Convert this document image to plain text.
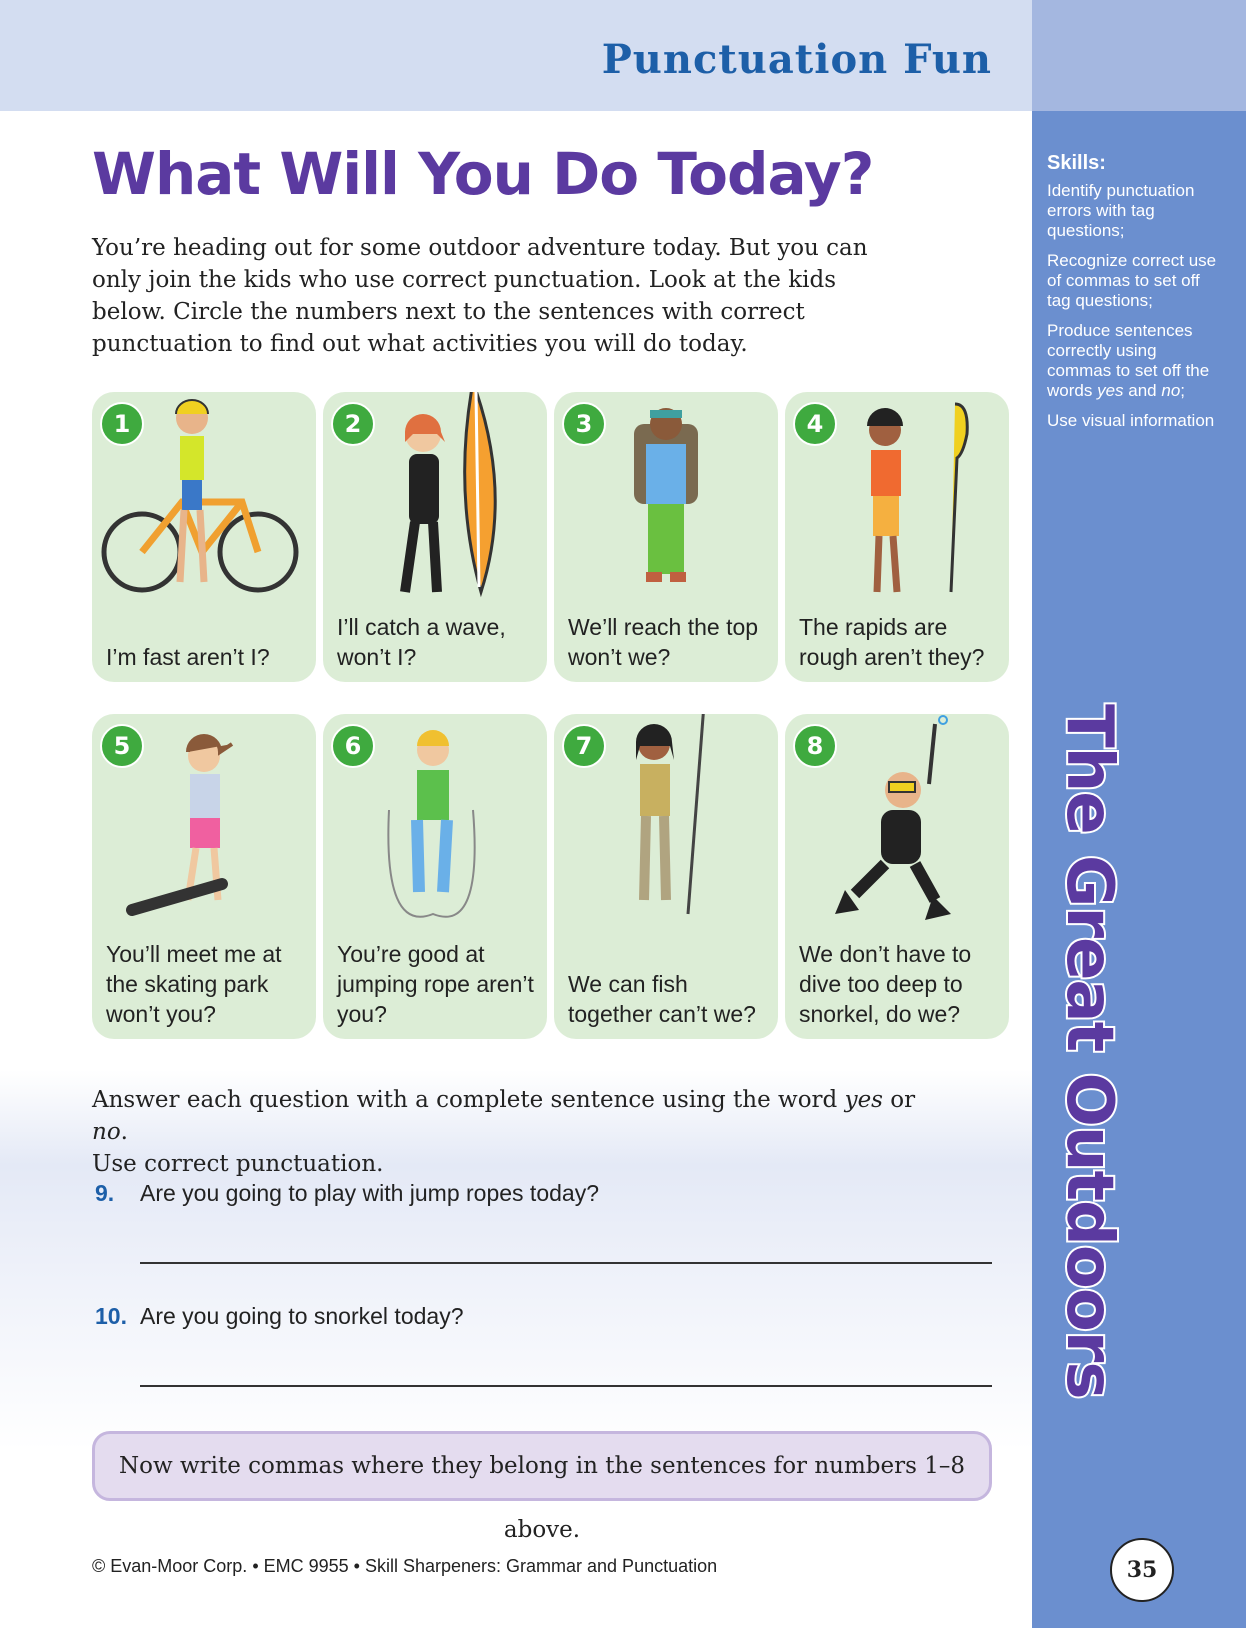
Punctuation Fun
Skills:
Identify punctuation errors with tag questions;
Recognize correct use of commas to set off tag questions;
Produce sentences correctly using commas to set off the words yes and no;
Use visual information
The Great Outdoors
35
What Will You Do Today?
You’re heading out for some outdoor adventure today. But you can only join the kids who use correct punctuation. Look at the kids below. Circle the numbers next to the sentences with correct punctuation to find out what activities you will do today.
1
I’m fast aren’t I?
2
I’ll catch a wave, won’t I?
3
We’ll reach the top won’t we?
4
The rapids are rough aren’t they?
5
You’ll meet me at the skating park won’t you?
6
You’re good at jumping rope aren’t you?
7
We can fish together can’t we?
8
We don’t have to dive too deep to snorkel, do we?
Answer each question with a complete sentence using the word yes or no.
Use correct punctuation.
9. Are you going to play with jump ropes today?
10. Are you going to snorkel today?
Now write commas where they belong in the sentences for numbers 1–8 above.
© Evan-Moor Corp. • EMC 9955 • Skill Sharpeners: Grammar and Punctuation
